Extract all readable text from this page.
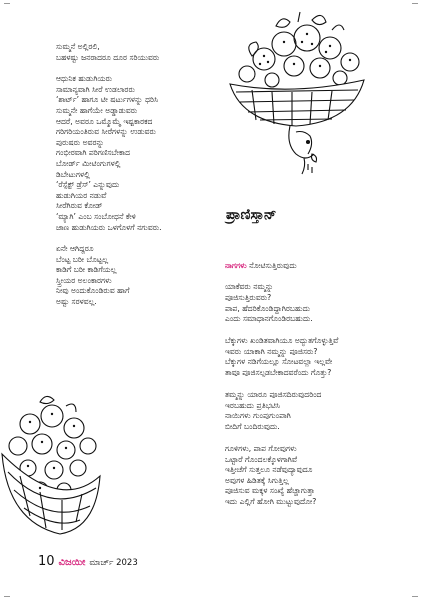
ಸುಮ್ಮನೆ ಅಲ್ಲಿರಲಿ,
ಬಹಳಷ್ಟು ಜನರಾದರೂ ದೂರ ಸರಿಯುವರು
ಆಧುನಿಕ ಹುಡುಗಿಯರು
ಸಾಮಾನ್ಯವಾಗಿ ಸೀರೆ ಉಡಲಾರರು
‘ಶಾರ್ಟ್’ ಹಾಗೂ ಟೀ ಷರ್ಟುಗಳನ್ನು ಧರಿಸಿ
ಸುಮ್ಮನೇ ಹಾಗೆಯೇ ಅಡ್ಡಾಡುವರು
ಆದರೆ, ಅವರೂ ಒಮ್ಮೊಮ್ಮೆ ಇಷ್ಟಕಾರಕದ
ಗರಿಗರಿಯಂತಿರುವ ಸೀರೆಗಳನ್ನು ಉಡುವರು
ಪುರುಷರು ಅವರನ್ನು
ಗಂಭೀರವಾಗಿ ಪರಿಗಣಿಸಬೇಕಾದ
ಬೋರ್ಡ್ ಮೀಟಿಂಗುಗಳಲ್ಲಿ
ಡಿಬೇಟುಗಳಲ್ಲಿ
‘ರೆಸ್ಪೆಕ್ಟ್ ಡ್ರೆಸ್’ ಎನ್ನುವುದು
ಹುಡುಗಿಯರ ನಡುವೆ
ಸೀರೆಗಿರುವ ಕೋಡ್
‘ಮ್ಯಾಗಿ’ ಎಂಬ ಸಂಬೋಧನೆ ಕೇಳಿ
ಜಾಣ ಹುಡುಗಿಯರು ಒಳಗೊಳಗೆ ನಗುವರು.
ಏನೇ ಆಗಿದ್ದರೂ
ಬೆಂಟ್ಟ ಬರೀ ಬೊಟ್ಟಲ್ಲ
ಕಾಡಿಗೆ ಬರೀ ಕಾಡಿಗೆಯಲ್ಲ
ಸ್ತ್ರೀಯರ ಅಲಂಕಾರಗಳು
ನೀವು ಅಂದುಕೊಂಡಿರುವ ಹಾಗೆ
ಅಷ್ಟು ಸರಳವಲ್ಲ.
ಪ್ರಾಣಿಸ್ತಾನ್

ನಾಗಗಳು ನೋಟಿಸುತ್ತಿರುವುದು

ಯಾಕೆವರು ನಮ್ಮನ್ನು
ಪೂಜಿಸುತ್ತಿರುವರು?
ಪಾಪ, ಹೆದರಿಕೊಂಡಿದ್ದಾಗಿರಬಹುದು
ಎಂದು ಸಮಾಧಾನಗೊಂಡಿರಬಹುದು.
ಬೆಕ್ಕುಗಳು ಖಂಡಿತವಾಗಿಯೂ ಅದ್ಭುತಗೊಳ್ಳುತ್ತಿವೆ
ಇವರು ಯಾಕಾಗಿ ನಮ್ಮನ್ನು ಪೂಜಿಸರು?
ಬೆಕ್ಕುಗಳ ನಡಿಗೆಯಲ್ಲೂ ಸೋಟವಲ್ಲಾ ಇಲ್ಲವೇ
ತಾವೂ ಪೂಜಿಸಲ್ಪಡಬೇಕಾದವರೆಂದು ಗೊತ್ತು?
ತಮ್ಮನ್ನು ಯಾರೂ ಪೂಜಿಸದಿರುವುದರಿಂದ
ಇರಬಹುದು ಪ್ರತಿಭಟಿಸಿ
ನಾಯಿಗಳು ಗುಂಪುಗುಂಪಾಗಿ
ಬೀದಿಗೆ ಬಂದಿರುವುದು.
ಗೂಳಿಗಳು, ಪಾಪ ಗೋವುಗಳು
ಒಟ್ಟಾರೆ ಗೊಂದಲಕ್ಕೊಳಗಾಗಿವೆ
ಇತ್ತೀಚೆಗೆ ಸುತ್ತಲೂ ನಡೆವುದ್ಯಾವುದೂ
ಅವುಗಳ ಹಿಡಿತಕ್ಕೆ ಸಿಗುತ್ತಿಲ್ಲ
ಪೂಜಿಸುವ ಮಕ್ಕಳ ಸಂಖ್ಯೆ ಹೆಚ್ಚಾಗುತ್ತಾ
ಇದು ಎಲ್ಲಿಗೆ ಹೋಗಿ ಮುಟ್ಟುವುದೋ?
10 ವಿಜಯೀ ಮಾರ್ಚ್ 2023
